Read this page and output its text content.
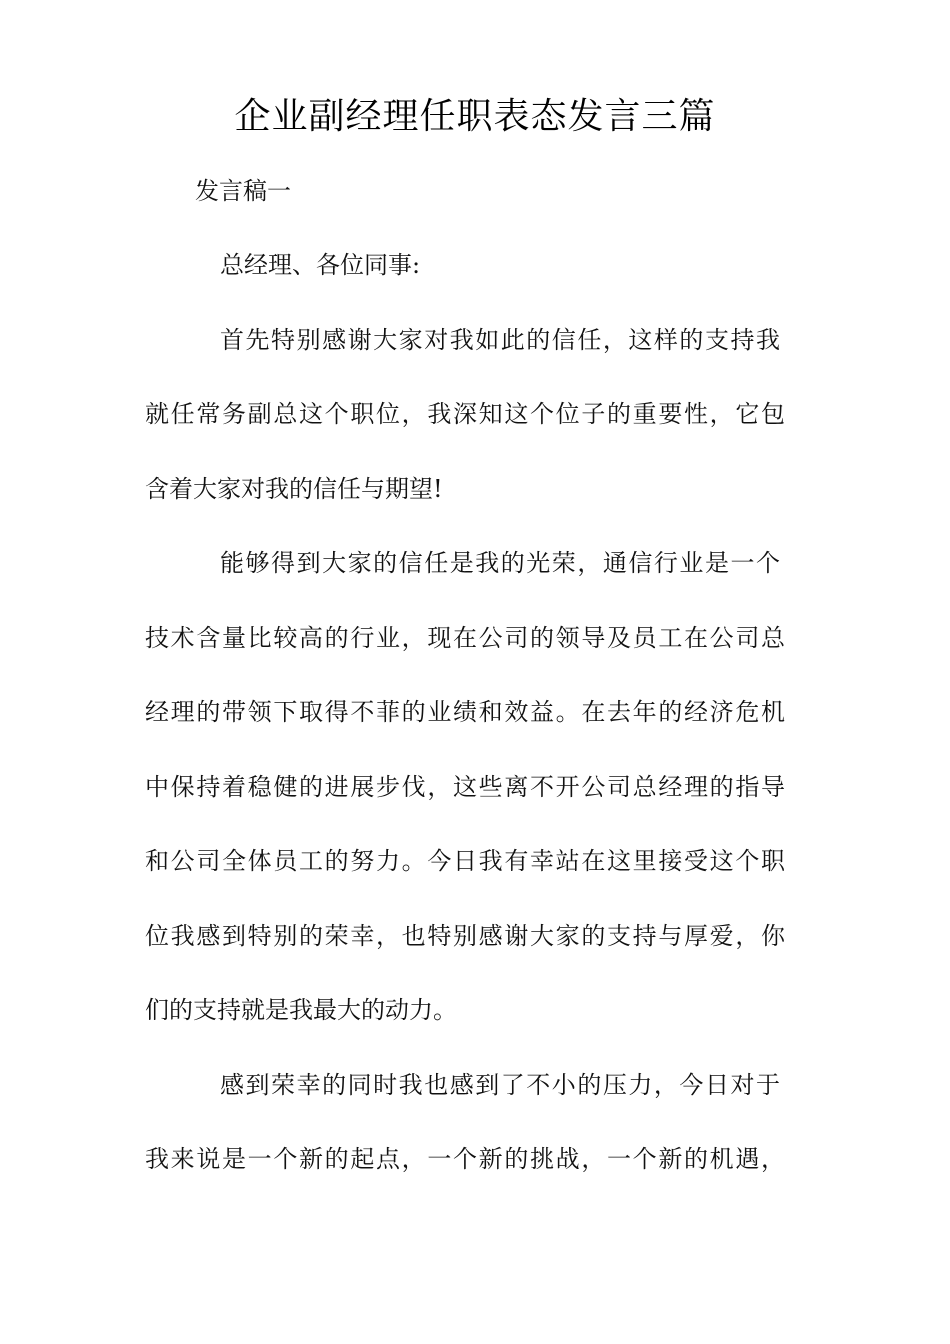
企业副经理任职表态发言三篇
发言稿一
总经理、各位同事:
首先特别感谢大家对我如此的信任，这样的支持我
就任常务副总这个职位，我深知这个位子的重要性，它包
含着大家对我的信任与期望!
能够得到大家的信任是我的光荣，通信行业是一个
技术含量比较高的行业，现在公司的领导及员工在公司总
经理的带领下取得不菲的业绩和效益。在去年的经济危机
中保持着稳健的进展步伐，这些离不开公司总经理的指导
和公司全体员工的努力。今日我有幸站在这里接受这个职
位我感到特别的荣幸，也特别感谢大家的支持与厚爱，你
们的支持就是我最大的动力。
感到荣幸的同时我也感到了不小的压力，今日对于
我来说是一个新的起点，一个新的挑战，一个新的机遇，
